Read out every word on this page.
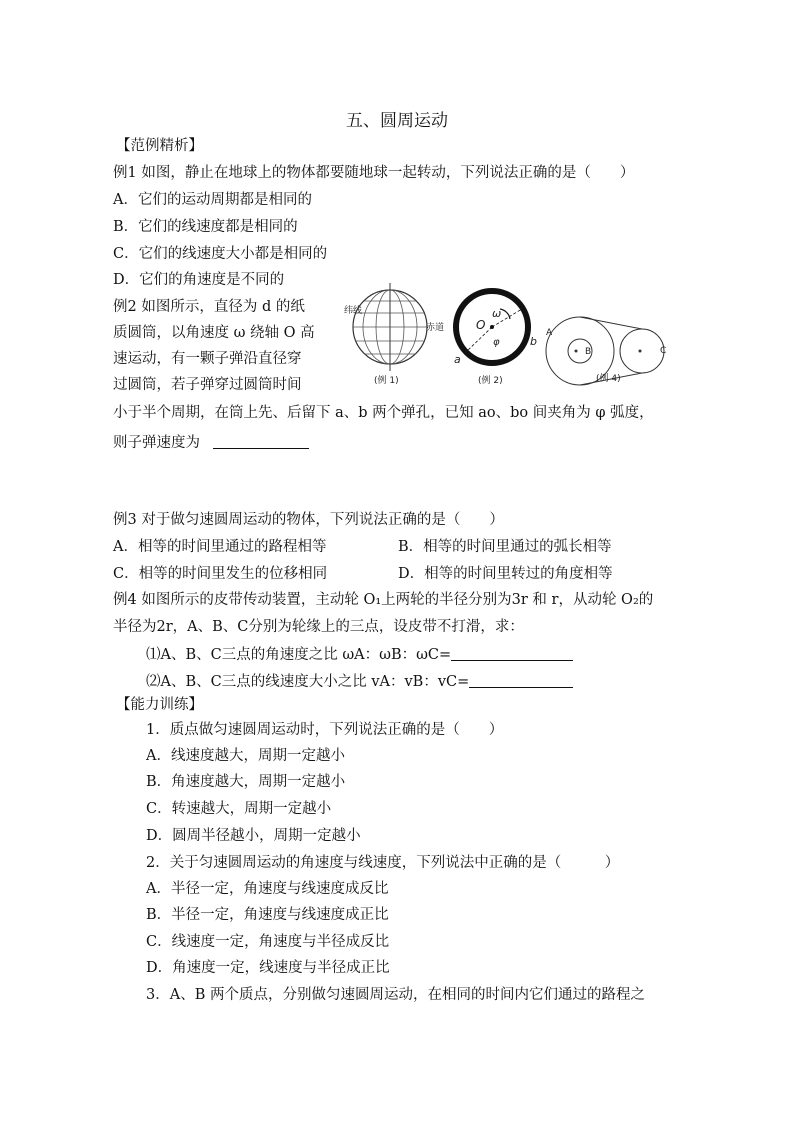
五、圆周运动
【范例精析】
例1 如图，静止在地球上的物体都要随地球一起转动，下列说法正确的是（　　）
A．它们的运动周期都是相同的
B．它们的线速度都是相同的
C．它们的线速度大小都是相同的
D．它们的角速度是不同的
例2 如图所示，直径为 d 的纸
质圆筒，以角速度 ω 绕轴 O 高
速运动，有一颗子弹沿直径穿
过圆筒，若子弹穿过圆筒时间
小于半个周期，在筒上先、后留下 a、b 两个弹孔，已知 ao、bo 间夹角为 φ 弧度，
则子弹速度为
纬线
赤道
(例 1)
O
ω
φ
a
b
(例 2)
A
B	C
(例 4)
例3 对于做匀速圆周运动的物体，下列说法正确的是（　　）
A．相等的时间里通过的路程相等	B．相等的时间里通过的弧长相等
C．相等的时间里发生的位移相同	D．相等的时间里转过的角度相等
例4 如图所示的皮带传动装置，主动轮 O₁上两轮的半径分别为3r 和 r，从动轮 O₂的
半径为2r，A、B、C分别为轮缘上的三点，设皮带不打滑，求：
⑴A、B、C三点的角速度之比 ωA：ωB：ωC=
⑵A、B、C三点的线速度大小之比 vA：vB：vC=
【能力训练】
1．质点做匀速圆周运动时，下列说法正确的是（　　）
A．线速度越大，周期一定越小
B．角速度越大，周期一定越小
C．转速越大，周期一定越小
D．圆周半径越小，周期一定越小
2．关于匀速圆周运动的角速度与线速度，下列说法中正确的是（　　　）
A．半径一定，角速度与线速度成反比
B．半径一定，角速度与线速度成正比
C．线速度一定，角速度与半径成反比
D．角速度一定，线速度与半径成正比
3．A、B 两个质点，分别做匀速圆周运动，在相同的时间内它们通过的路程之
